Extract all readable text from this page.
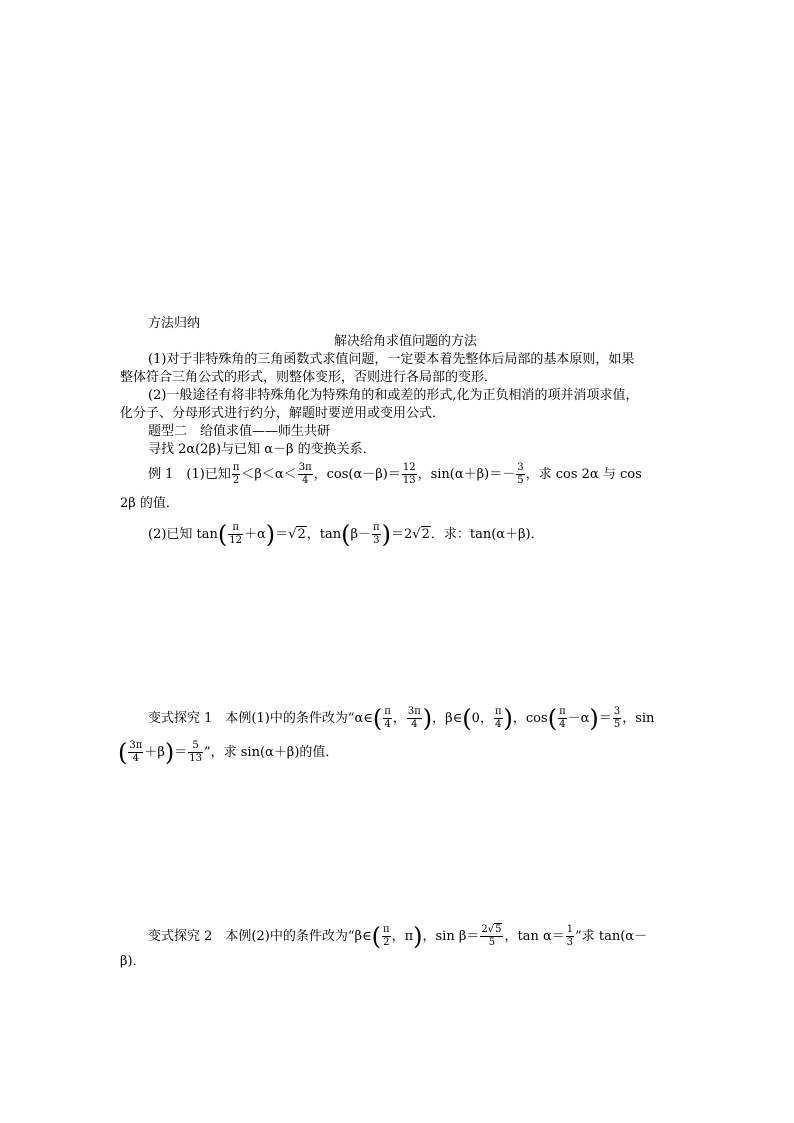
方法归纳
解决给角求值问题的方法
(1)对于非特殊角的三角函数式求值问题，一定要本着先整体后局部的基本原则，如果
整体符合三角公式的形式，则整体变形，否则进行各局部的变形．
(2)一般途径有将非特殊角化为特殊角的和或差的形式,化为正负相消的项并消项求值，
化分子、分母形式进行约分，解题时要逆用或变用公式．
题型二　给值求值——师生共研
寻找 2α(2β)与已知 α－β 的变换关系．
例 1　(1)已知 $\frac{\pi}{2} <\beta<\alpha< \frac{3\pi}{4}$ ，$\cos(\alpha-\beta)= \frac{12}{13}$ ，$\sin(\alpha+\beta)=- \frac{3}{5}$ ，求 cos 2α 与 cos
2β 的值．
(2)已知 $\tan( \frac{\pi}{12} +\alpha)=√2$，$\tan(\beta- \frac{\pi}{3} )=2√2$．求：tan(α＋β)．
变式探究 1　本例(1)中的条件改为“α∈( $\frac{\pi}{4}$ ， $\frac{3\pi}{4}$ )，β∈(0， $\frac{\pi}{4}$ )，$\cos( \frac{\pi}{4} -\alpha)= \frac{3}{5}$ ，sin
( $\frac{3\pi}{4} +\beta)= \frac{5}{13}$ ”，求 sin(α＋β)的值．
变式探究 2　本例(2)中的条件改为“β∈( $\frac{\pi}{2}$ ，π)，$\sin \beta= \frac{2√5}{5}$ ，$\tan \alpha= \frac{1}{3}$ ”求 tan(α－
β)．
